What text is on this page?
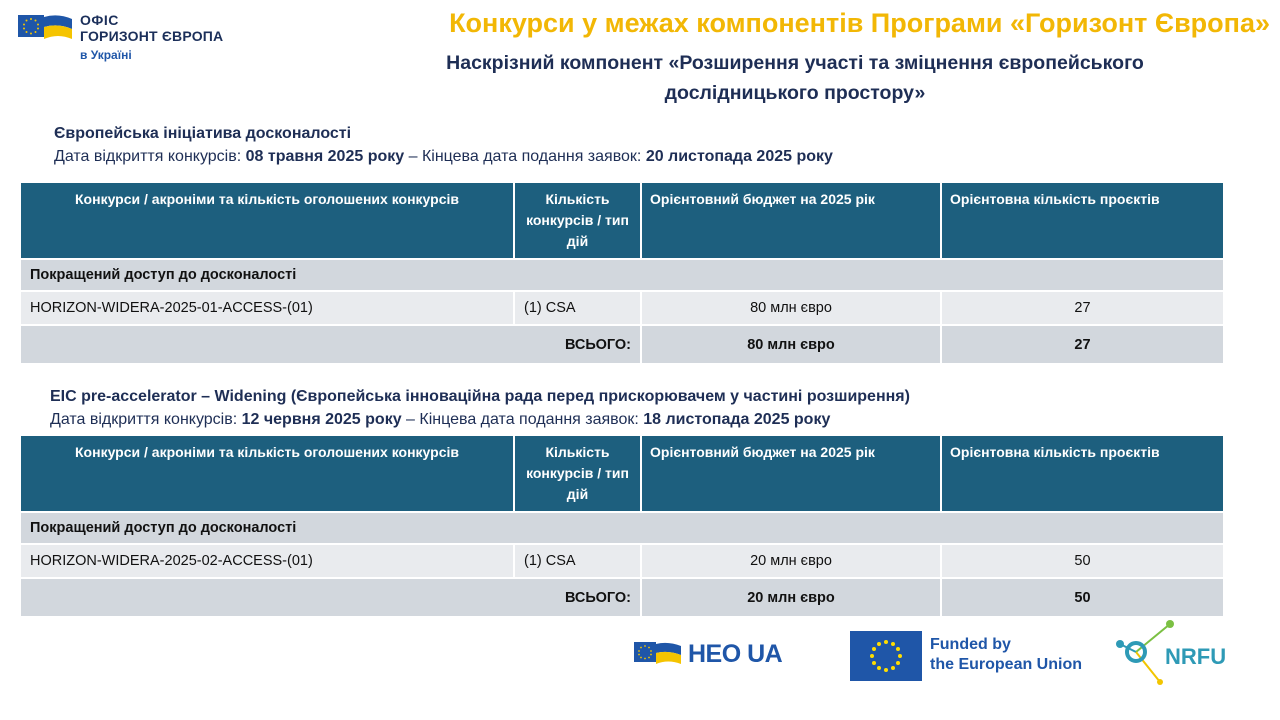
ОФІС
ГОРИЗОНТ ЄВРОПА
в Україні
Конкурси у межах компонентів Програми «Горизонт Європа»
Наскрізний компонент «Розширення участі та зміцнення європейського
дослідницького простору»
Європейська ініціатива досконалості
Дата відкриття конкурсів: 08 травня 2025 року – Кінцева дата подання заявок: 20 листопада 2025 року
Конкурси / акроніми та кількість оголошених конкурсів	Кількість конкурсів / тип дій	Орієнтовний бюджет на 2025 рік	Орієнтовна кількість проєктів
Покращений доступ до досконалості			
HORIZON-WIDERA-2025-01-ACCESS-(01)	(1) CSA	80 млн євро	27
ВСЬОГО:		80 млн євро	27
EIC pre-accelerator – Widening (Європейська інноваційна рада перед прискорювачем у частині розширення)
Дата відкриття конкурсів: 12 червня 2025 року – Кінцева дата подання заявок: 18 листопада 2025 року
Конкурси / акроніми та кількість оголошених конкурсів	Кількість конкурсів / тип дій	Орієнтовний бюджет на 2025 рік	Орієнтовна кількість проєктів
Покращений доступ до досконалості			
HORIZON-WIDERA-2025-02-ACCESS-(01)	(1) CSA	20 млн євро	50
ВСЬОГО:		20 млн євро	50
HEO UA	Funded by
the European Union	NRFU
